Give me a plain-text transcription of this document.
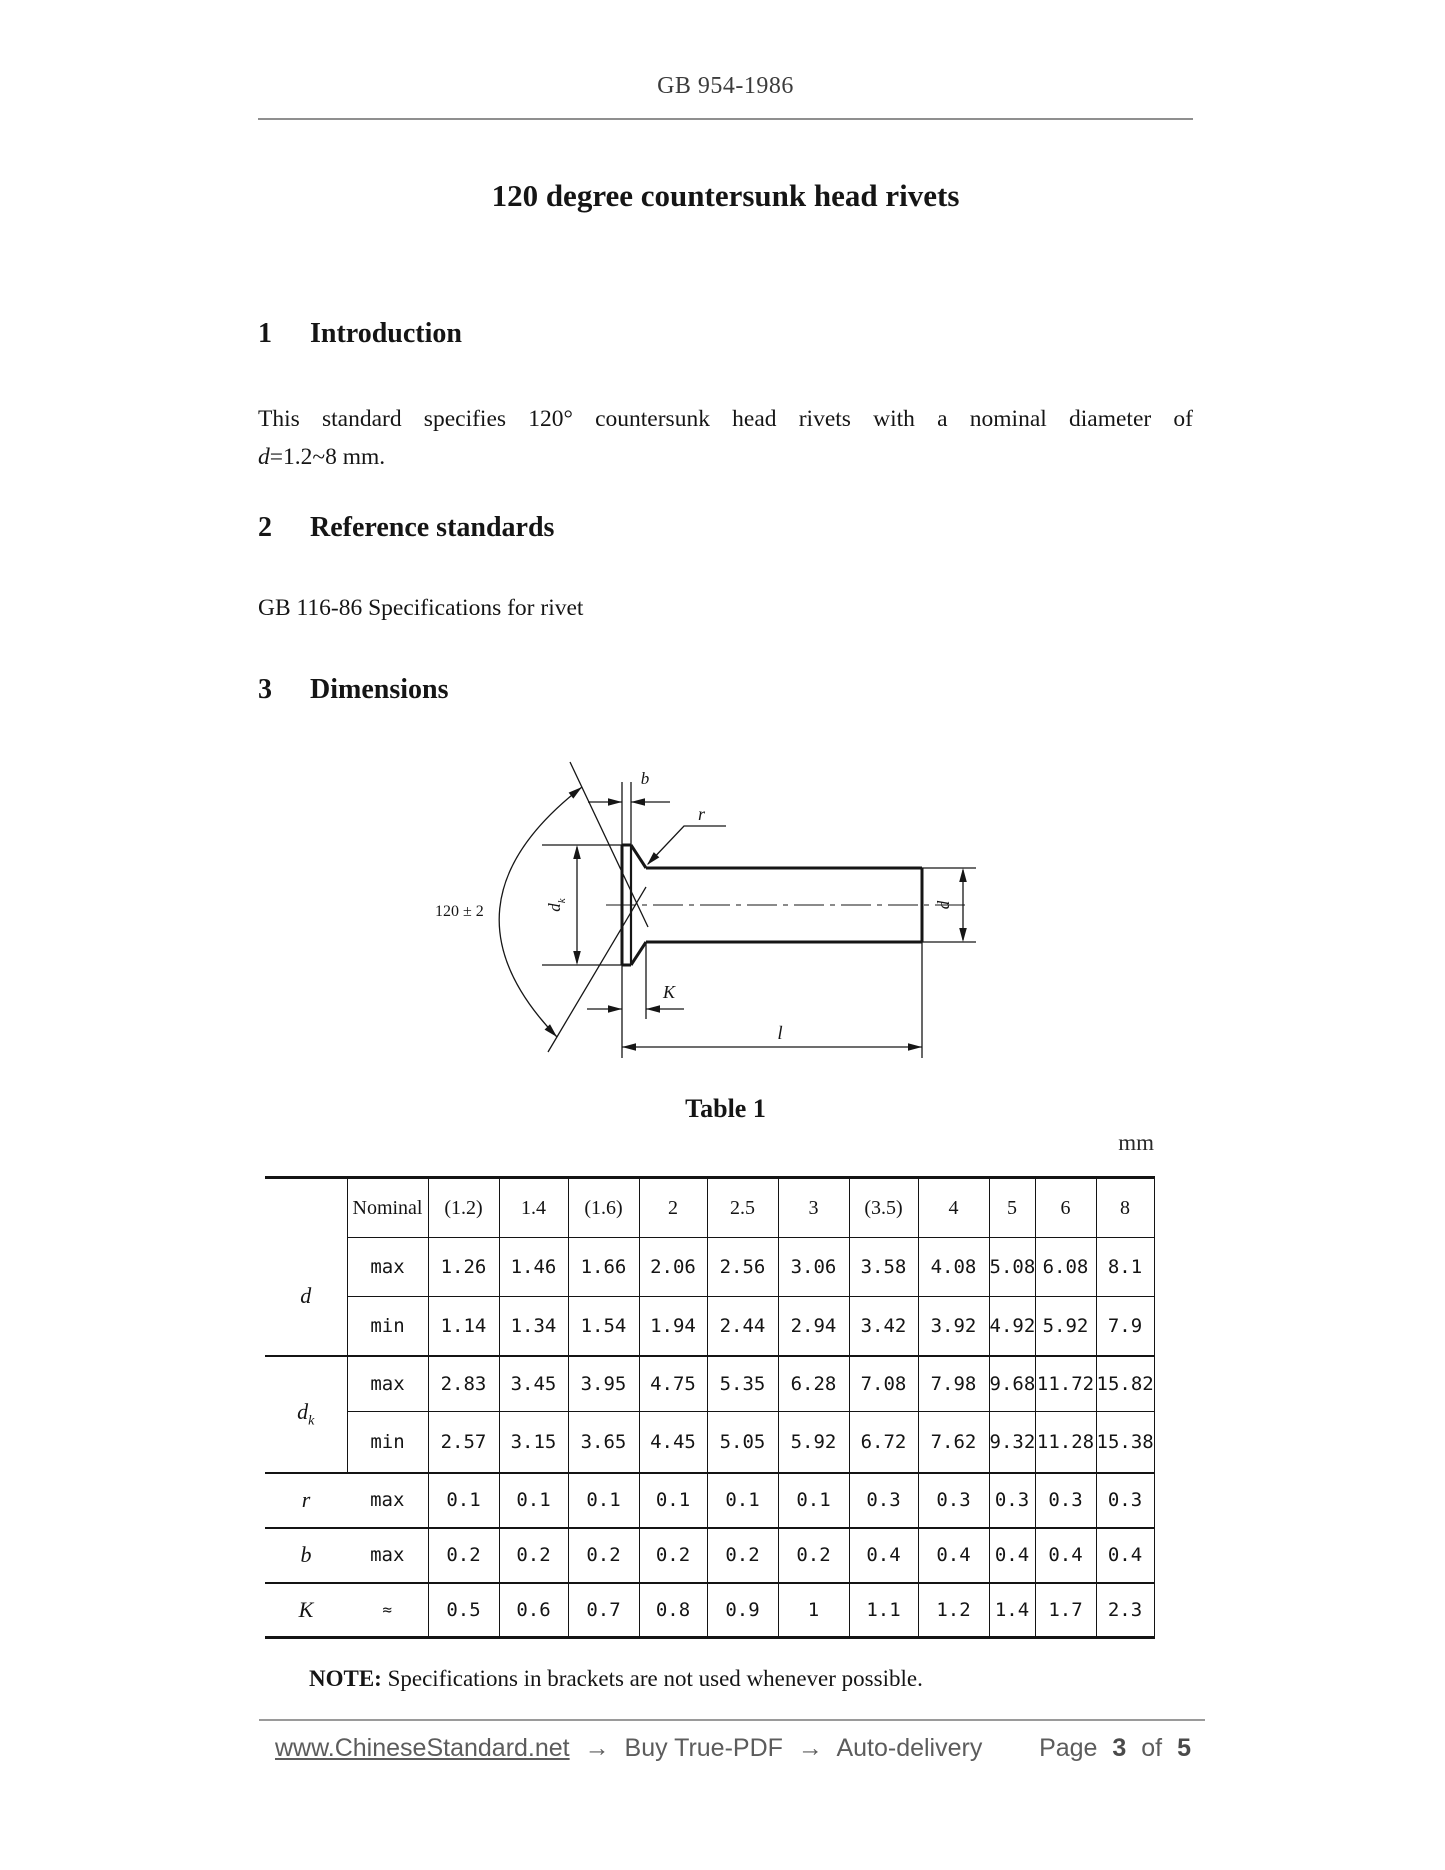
GB 954-1986
120 degree countersunk head rivets
1 Introduction
This standard specifies 120° countersunk head rivets with a nominal diameter of
d=1.2~8 mm.
2 Reference standards
GB 116-86 Specifications for rivet
3 Dimensions
120 ± 2
b
r
$d_k$
K
l
d
Table 1
mm
	Nominal	(1.2)	1.4	(1.6)	2	2.5	3	(3.5)	4	5	6	8
d	max	1.26	1.46	1.66	2.06	2.56	3.06	3.58	4.08	5.08	6.08	8.1
	min	1.14	1.34	1.54	1.94	2.44	2.94	3.42	3.92	4.92	5.92	7.9
$d_k$	max	2.83	3.45	3.95	4.75	5.35	6.28	7.08	7.98	9.68	11.72	15.82
	min	2.57	3.15	3.65	4.45	5.05	5.92	6.72	7.62	9.32	11.28	15.38
r	max	0.1	0.1	0.1	0.1	0.1	0.1	0.3	0.3	0.3	0.3	0.3
b	max	0.2	0.2	0.2	0.2	0.2	0.2	0.4	0.4	0.4	0.4	0.4
K	≈	0.5	0.6	0.7	0.8	0.9	1	1.1	1.2	1.4	1.7	2.3
NOTE: Specifications in brackets are not used whenever possible.
www.ChineseStandard.net → Buy True-PDF → Auto-delivery	Page 3 of 5
